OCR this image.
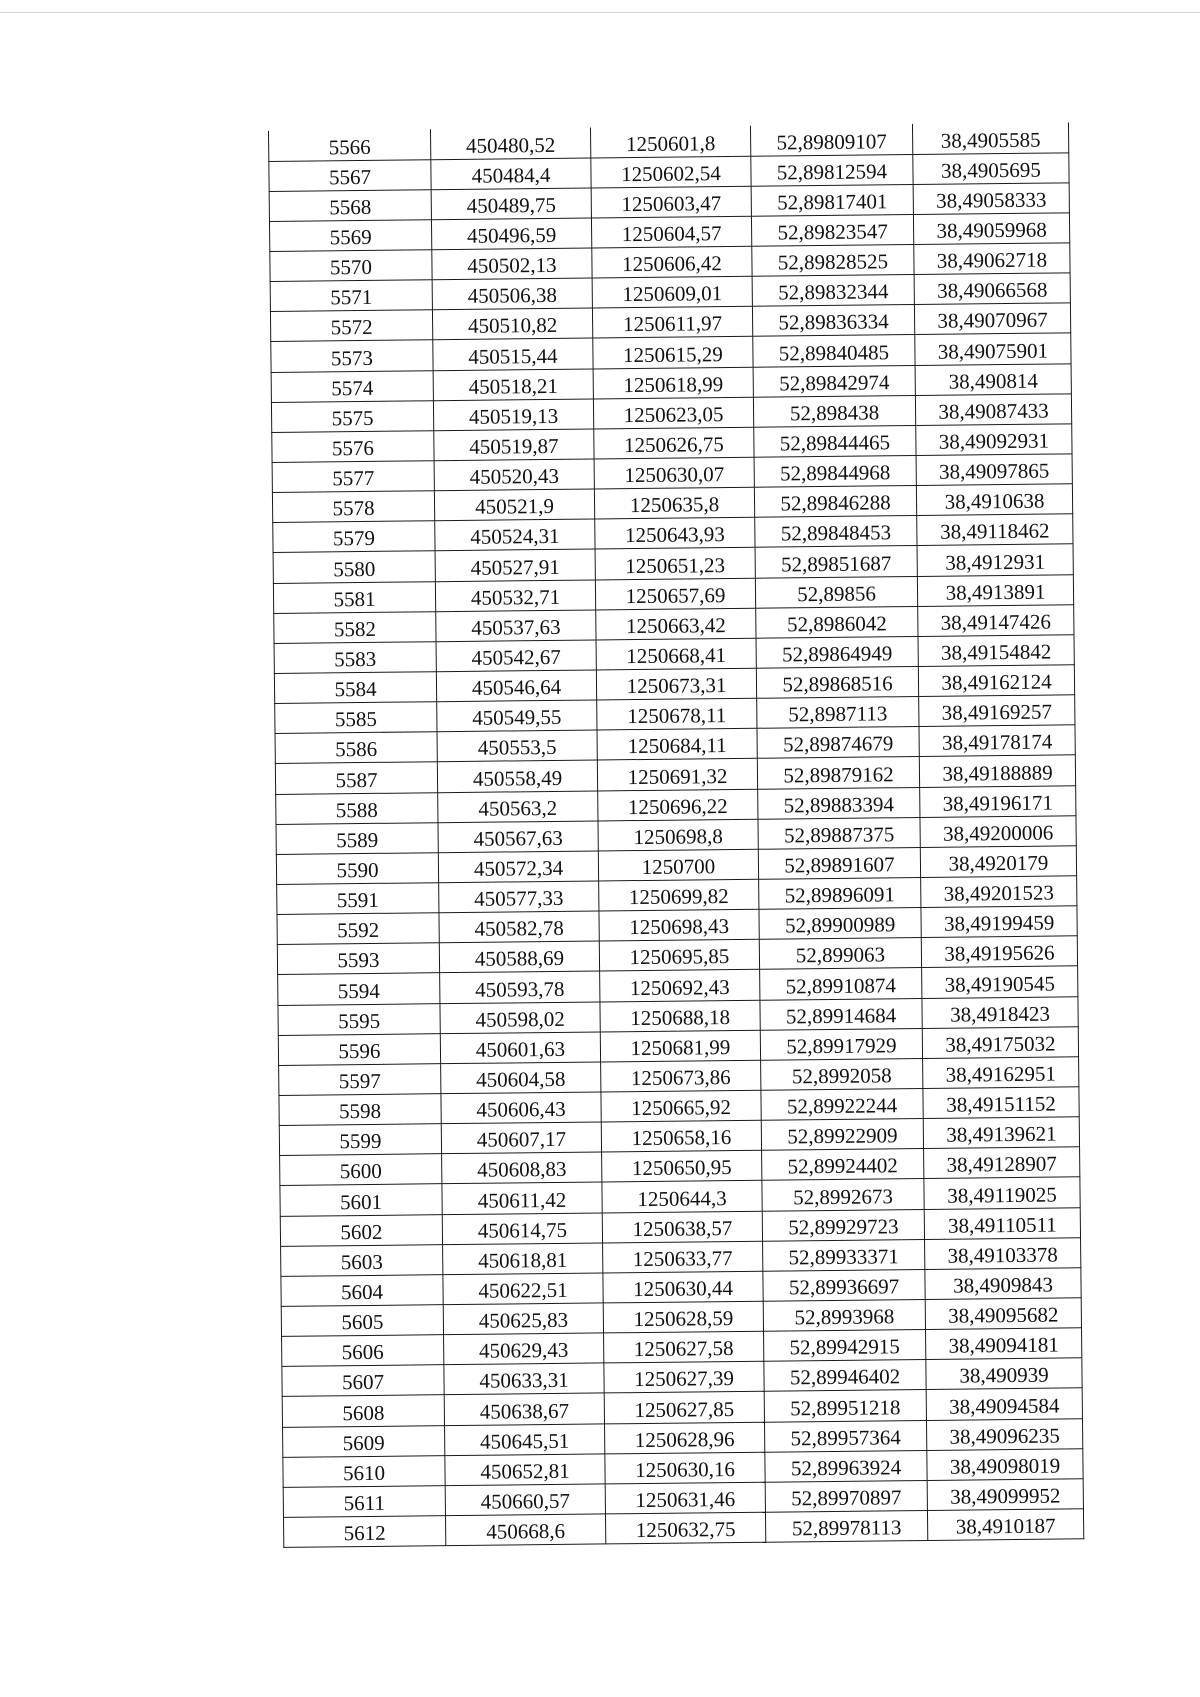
5566	450480,52	1250601,8	52,89809107	38,4905585
5567	450484,4	1250602,54	52,89812594	38,4905695
5568	450489,75	1250603,47	52,89817401	38,49058333
5569	450496,59	1250604,57	52,89823547	38,49059968
5570	450502,13	1250606,42	52,89828525	38,49062718
5571	450506,38	1250609,01	52,89832344	38,49066568
5572	450510,82	1250611,97	52,89836334	38,49070967
5573	450515,44	1250615,29	52,89840485	38,49075901
5574	450518,21	1250618,99	52,89842974	38,490814
5575	450519,13	1250623,05	52,898438	38,49087433
5576	450519,87	1250626,75	52,89844465	38,49092931
5577	450520,43	1250630,07	52,89844968	38,49097865
5578	450521,9	1250635,8	52,89846288	38,4910638
5579	450524,31	1250643,93	52,89848453	38,49118462
5580	450527,91	1250651,23	52,89851687	38,4912931
5581	450532,71	1250657,69	52,89856	38,4913891
5582	450537,63	1250663,42	52,8986042	38,49147426
5583	450542,67	1250668,41	52,89864949	38,49154842
5584	450546,64	1250673,31	52,89868516	38,49162124
5585	450549,55	1250678,11	52,8987113	38,49169257
5586	450553,5	1250684,11	52,89874679	38,49178174
5587	450558,49	1250691,32	52,89879162	38,49188889
5588	450563,2	1250696,22	52,89883394	38,49196171
5589	450567,63	1250698,8	52,89887375	38,49200006
5590	450572,34	1250700	52,89891607	38,4920179
5591	450577,33	1250699,82	52,89896091	38,49201523
5592	450582,78	1250698,43	52,89900989	38,49199459
5593	450588,69	1250695,85	52,899063	38,49195626
5594	450593,78	1250692,43	52,89910874	38,49190545
5595	450598,02	1250688,18	52,89914684	38,4918423
5596	450601,63	1250681,99	52,89917929	38,49175032
5597	450604,58	1250673,86	52,8992058	38,49162951
5598	450606,43	1250665,92	52,89922244	38,49151152
5599	450607,17	1250658,16	52,89922909	38,49139621
5600	450608,83	1250650,95	52,89924402	38,49128907
5601	450611,42	1250644,3	52,8992673	38,49119025
5602	450614,75	1250638,57	52,89929723	38,49110511
5603	450618,81	1250633,77	52,89933371	38,49103378
5604	450622,51	1250630,44	52,89936697	38,4909843
5605	450625,83	1250628,59	52,8993968	38,49095682
5606	450629,43	1250627,58	52,89942915	38,49094181
5607	450633,31	1250627,39	52,89946402	38,490939
5608	450638,67	1250627,85	52,89951218	38,49094584
5609	450645,51	1250628,96	52,89957364	38,49096235
5610	450652,81	1250630,16	52,89963924	38,49098019
5611	450660,57	1250631,46	52,89970897	38,49099952
5612	450668,6	1250632,75	52,89978113	38,4910187
